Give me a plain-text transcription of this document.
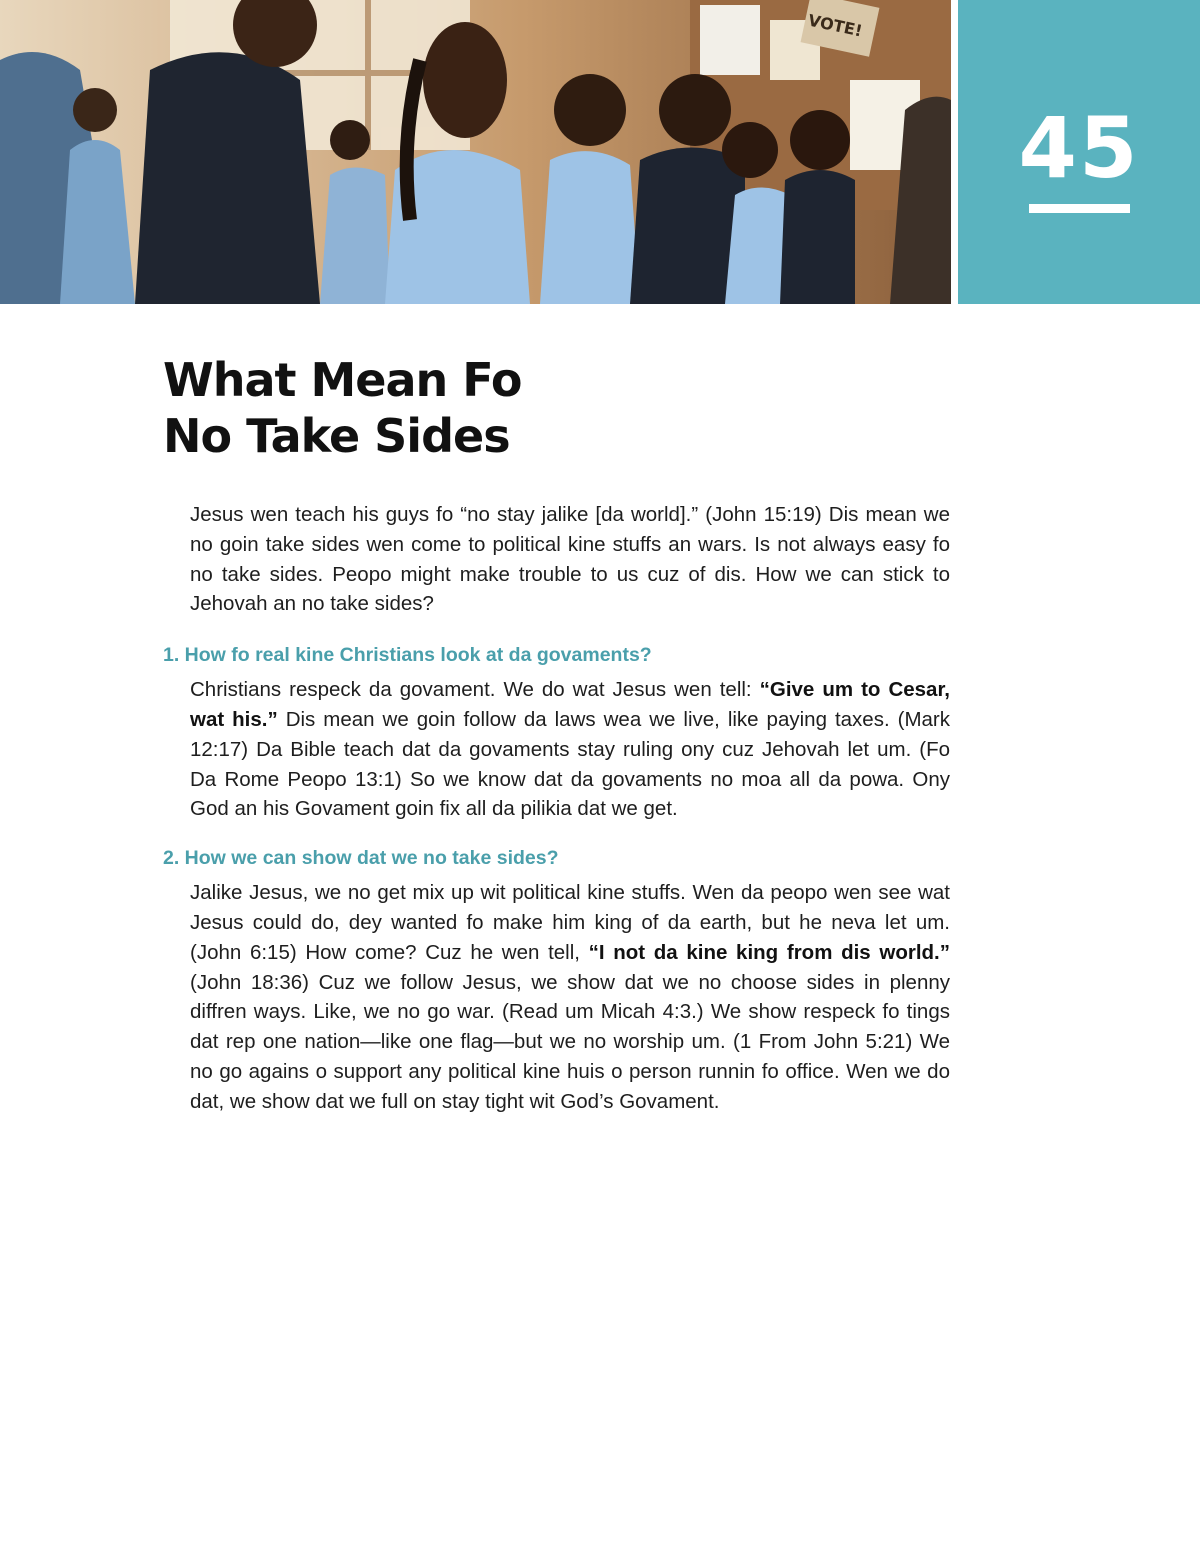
VOTE!
45
What Mean Fo
No Take Sides

Jesus wen teach his guys fo “no stay jalike [da world].” (John 15:19) Dis mean we no goin take sides wen come to political kine stuffs an wars. Is not always easy fo no take sides. Peopo might make trouble to us cuz of dis. How we can stick to Jehovah an no take sides?

1. How fo real kine Christians look at da govaments?

Christians respeck da govament. We do wat Jesus wen tell: “Give um to Cesar, wat his.” Dis mean we goin follow da laws wea we live, like paying taxes. (Mark 12:17) Da Bible teach dat da govaments stay ruling ony cuz Jehovah let um. (Fo Da Rome Peopo 13:1) So we know dat da govaments no moa all da powa. Ony God an his Govament goin fix all da pilikia dat we get.

2. How we can show dat we no take sides?

Jalike Jesus, we no get mix up wit political kine stuffs. Wen da peopo wen see wat Jesus could do, dey wanted fo make him king of da earth, but he neva let um. (John 6:15) How come? Cuz he wen tell, “I not da kine king from dis world.” (John 18:36) Cuz we follow Jesus, we show dat we no choose sides in plenny diffren ways. Like, we no go war. (Read um Micah 4:3.) We show respeck fo tings dat rep one nation—like one flag—but we no worship um. (1 From John 5:21) We no go agains o support any political kine huis o person runnin fo office. Wen we do dat, we show dat we full on stay tight wit God’s Govament.
